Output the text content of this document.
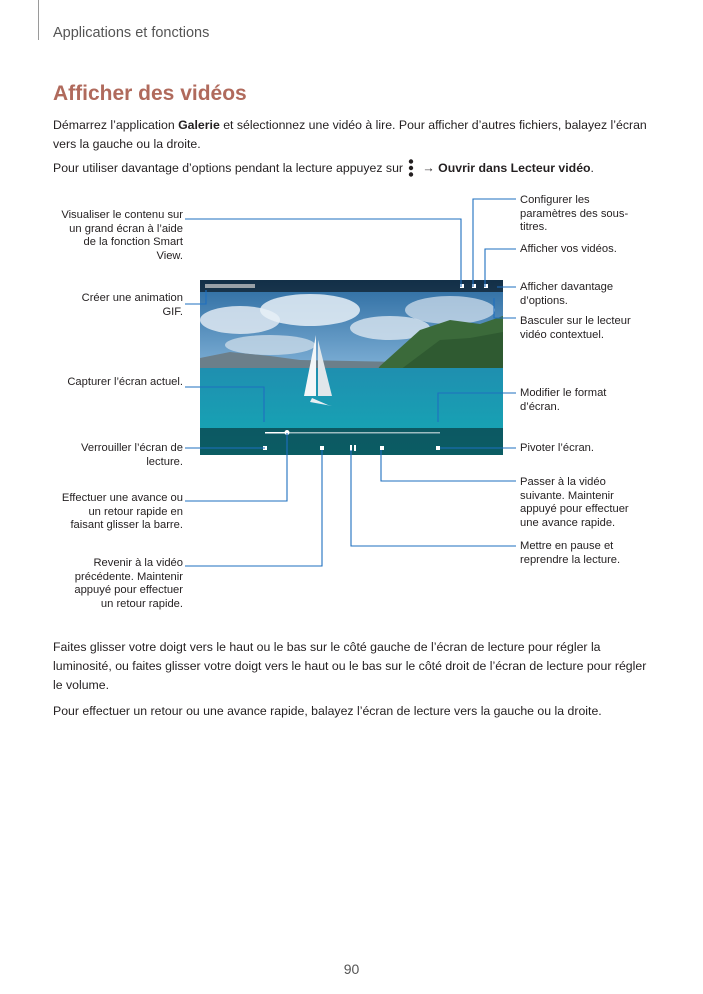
Applications et fonctions
Afficher des vidéos

Démarrez l’application Galerie et sélectionnez une vidéo à lire. Pour afficher d’autres fichiers, balayez l’écran vers la gauche ou la droite.

Pour utiliser davantage d’options pendant la lecture appuyez sur → Ouvrir dans Lecteur vidéo.

Visualiser le contenu sur un grand écran à l’aide de la fonction Smart View.
Créer une animation GIF.
Capturer l’écran actuel.
Verrouiller l’écran de lecture.
Effectuer une avance ou un retour rapide en faisant glisser la barre.
Revenir à la vidéo précédente. Maintenir appuyé pour effectuer un retour rapide.
Configurer les paramètres des sous-titres.
Afficher vos vidéos.
Afficher davantage d’options.
Basculer sur le lecteur vidéo contextuel.
Modifier le format d’écran.
Pivoter l’écran.
Passer à la vidéo suivante. Maintenir appuyé pour effectuer une avance rapide.
Mettre en pause et reprendre la lecture.

Faites glisser votre doigt vers le haut ou le bas sur le côté gauche de l’écran de lecture pour régler la luminosité, ou faites glisser votre doigt vers le haut ou le bas sur le côté droit de l’écran de lecture pour régler le volume.

Pour effectuer un retour ou une avance rapide, balayez l’écran de lecture vers la gauche ou la droite.

90
